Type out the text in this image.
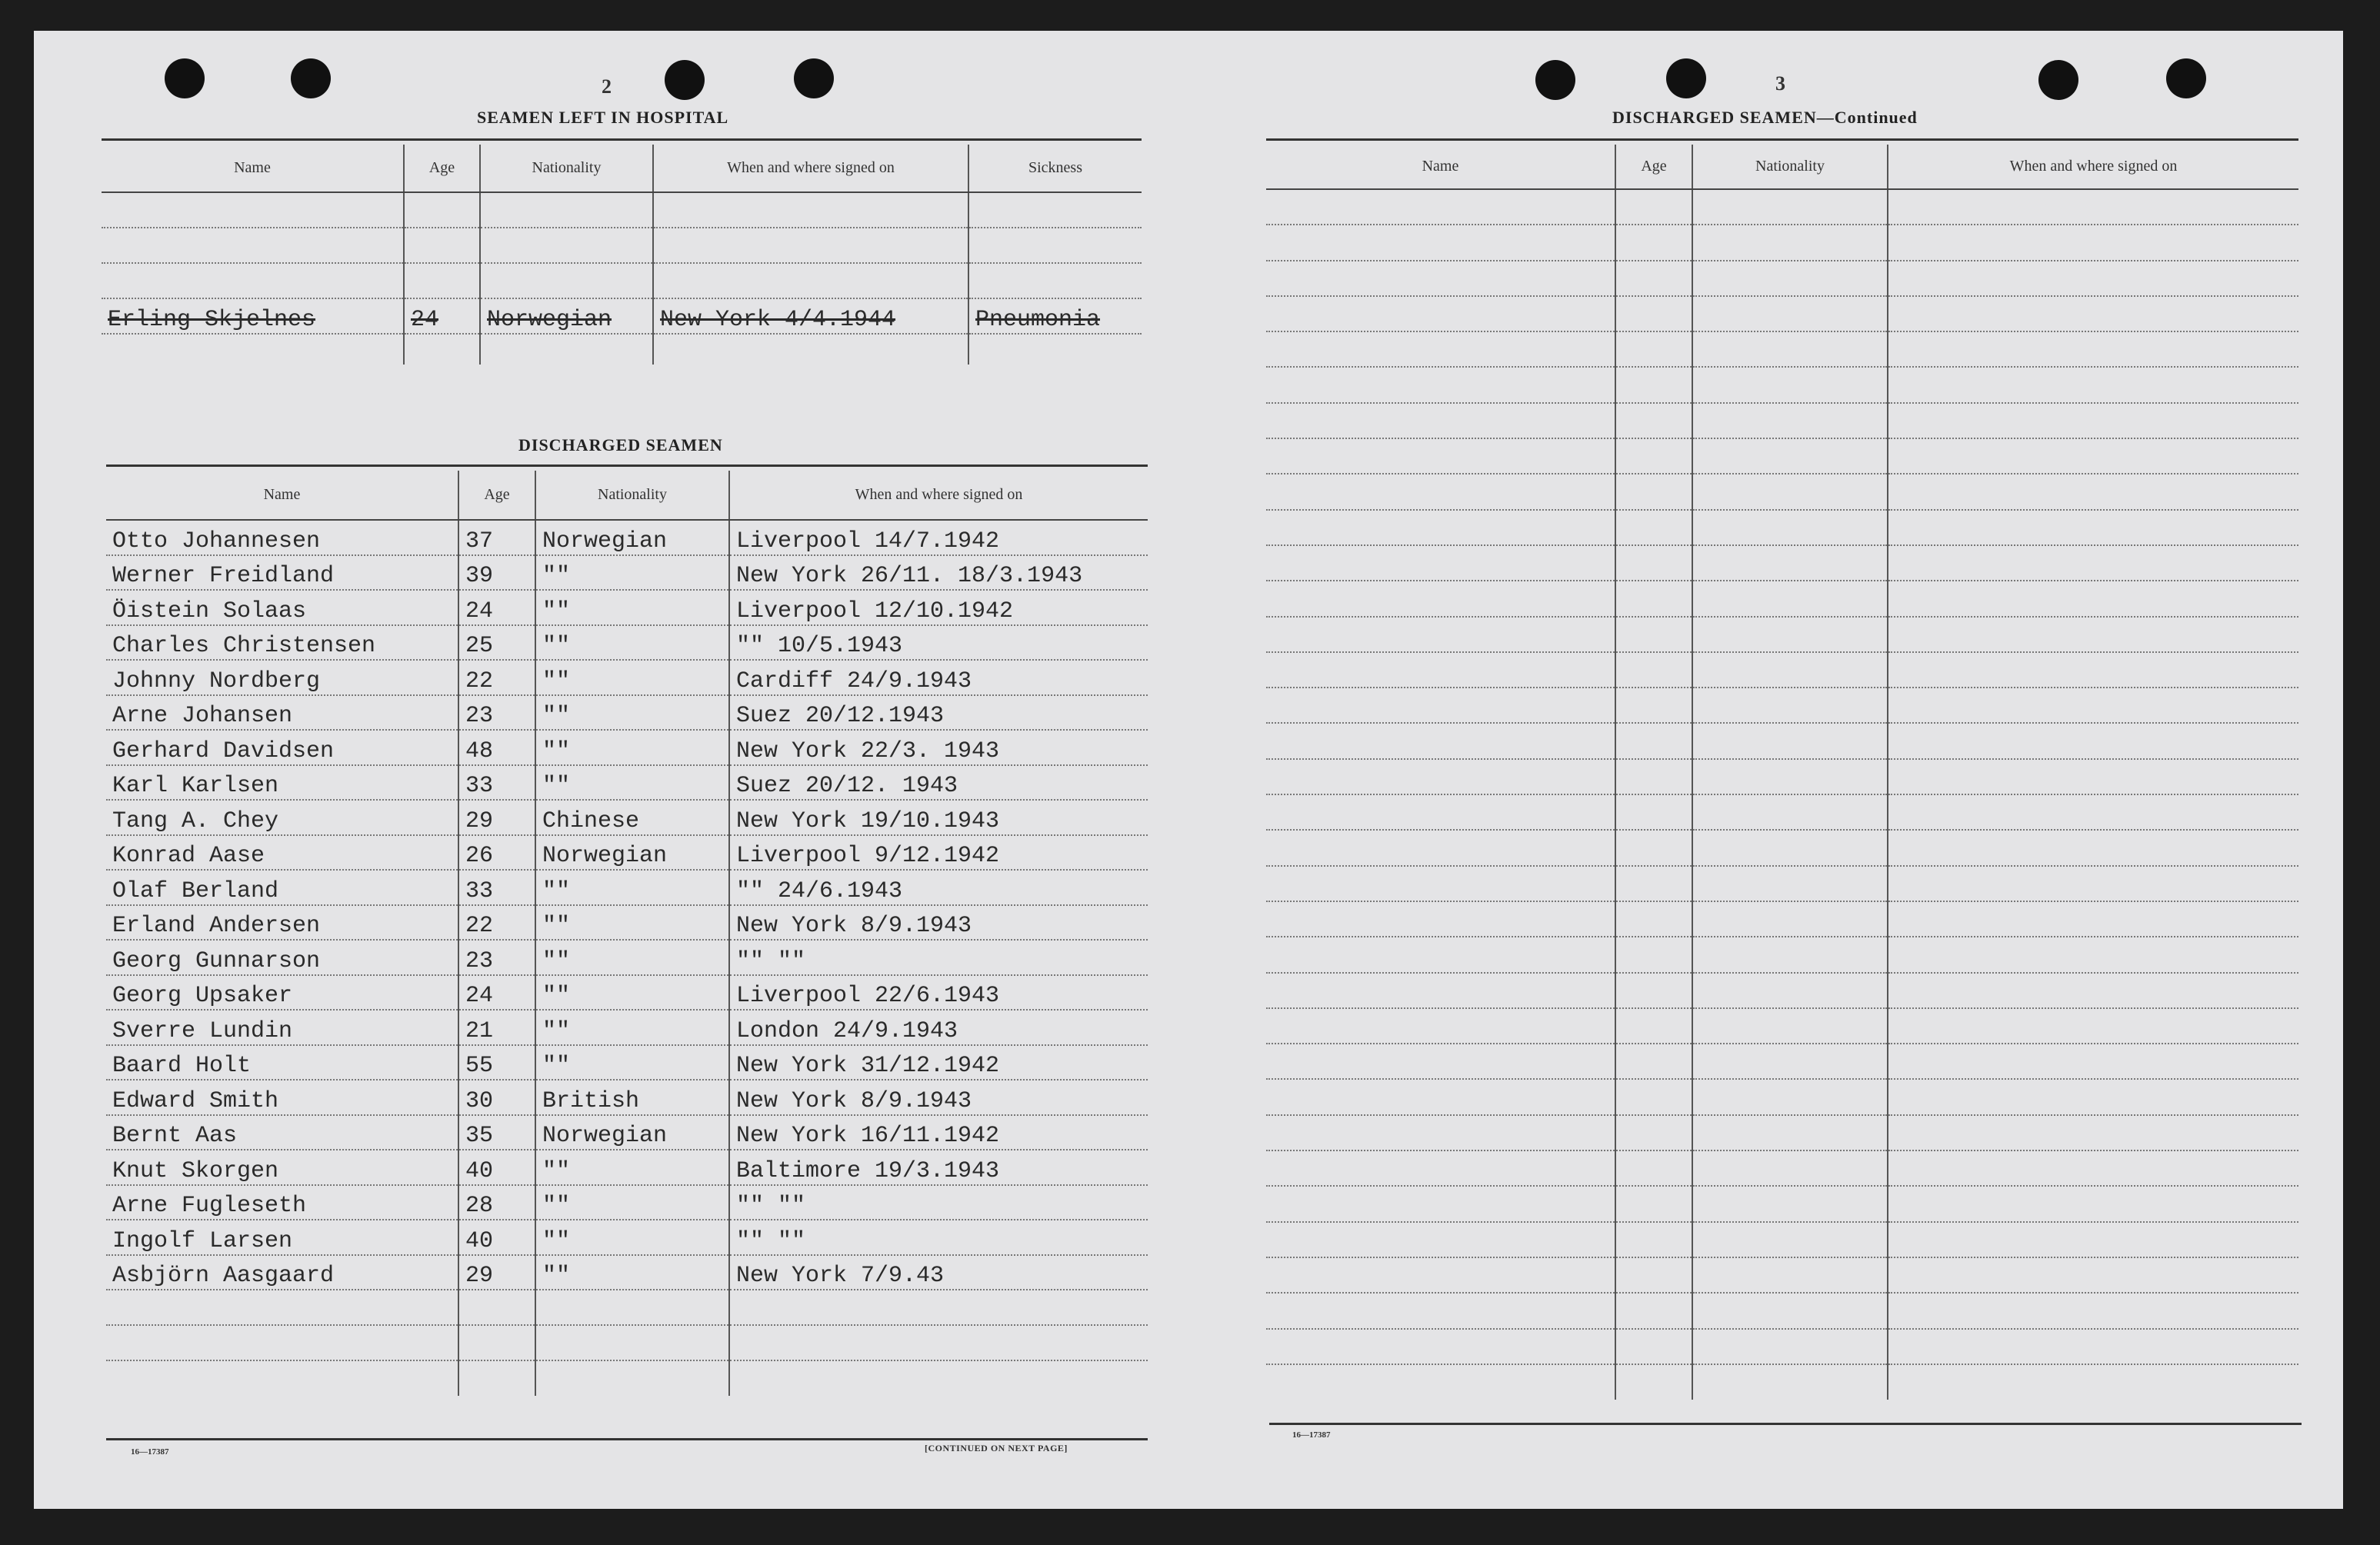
2
SEAMEN LEFT IN HOSPITAL
Name	Age	Nationality	When and where signed on	Sickness

Erling Skjelnes	24	Norwegian	New York 4/4.1944	Pneumonia

DISCHARGED SEAMEN
Name	Age	Nationality	When and where signed on
Otto Johannesen	37	Norwegian	Liverpool 14/7.1942
Werner Freidland	39	""	New York 26/11. 18/3.1943
Öistein Solaas	24	""	Liverpool 12/10.1942
Charles Christensen	25	""	"" 10/5.1943
Johnny Nordberg	22	""	Cardiff 24/9.1943
Arne Johansen	23	""	Suez 20/12.1943
Gerhard Davidsen	48	""	New York 22/3. 1943
Karl Karlsen	33	""	Suez 20/12. 1943
Tang A. Chey	29	Chinese	New York 19/10.1943
Konrad Aase	26	Norwegian	Liverpool 9/12.1942
Olaf Berland	33	""	"" 24/6.1943
Erland Andersen	22	""	New York 8/9.1943
Georg Gunnarson	23	""	"" ""
Georg Upsaker	24	""	Liverpool 22/6.1943
Sverre Lundin	21	""	London 24/9.1943
Baard Holt	55	""	New York 31/12.1942
Edward Smith	30	British	New York 8/9.1943
Bernt Aas	35	Norwegian	New York 16/11.1942
Knut Skorgen	40	""	Baltimore 19/3.1943
Arne Fugleseth	28	""	"" ""
Ingolf Larsen	40	""	"" ""
Asbjörn Aasgaard	29	""	New York 7/9.43

16—17387	[CONTINUED ON NEXT PAGE]
3
DISCHARGED SEAMEN—Continued
Name	Age	Nationality	When and where signed on

16—17387
